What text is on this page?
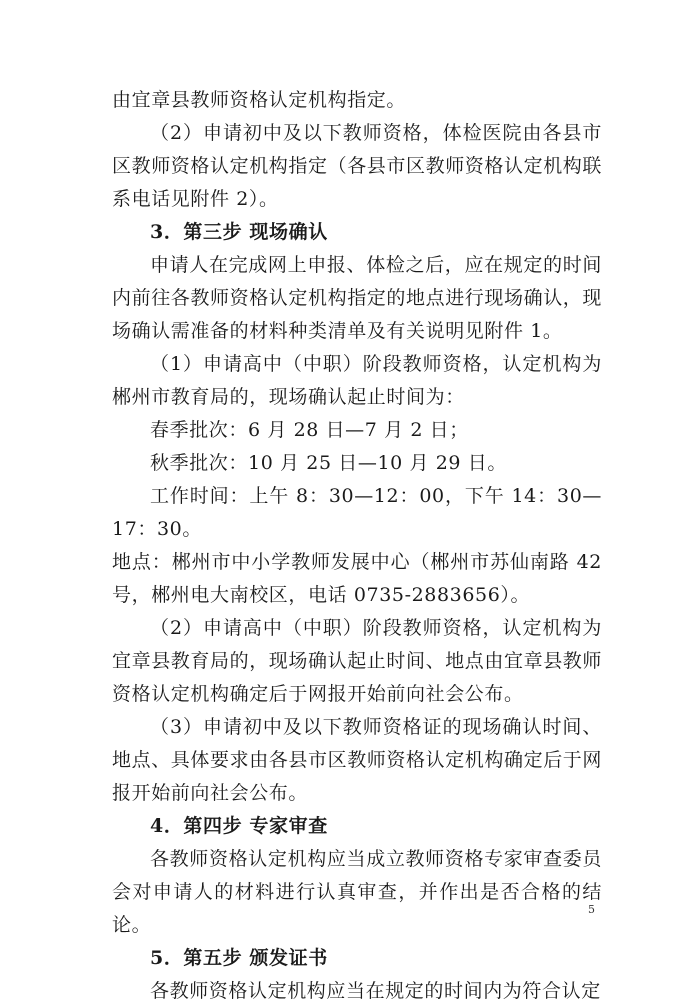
由宜章县教师资格认定机构指定。

（2）申请初中及以下教师资格，体检医院由各县市区教师资格认定机构指定（各县市区教师资格认定机构联系电话见附件 2）。

3．第三步 现场确认

申请人在完成网上申报、体检之后，应在规定的时间内前往各教师资格认定机构指定的地点进行现场确认，现场确认需准备的材料种类清单及有关说明见附件 1。

（1）申请高中（中职）阶段教师资格，认定机构为郴州市教育局的，现场确认起止时间为：

春季批次：6 月 28 日—7 月 2 日；

秋季批次：10 月 25 日—10 月 29 日。

工作时间：上午 8：30—12：00，下午 14：30—17：30。

地点：郴州市中小学教师发展中心（郴州市苏仙南路 42 号，郴州电大南校区，电话 0735-2883656）。

（2）申请高中（中职）阶段教师资格，认定机构为宜章县教育局的，现场确认起止时间、地点由宜章县教师资格认定机构确定后于网报开始前向社会公布。

（3）申请初中及以下教师资格证的现场确认时间、地点、具体要求由各县市区教师资格认定机构确定后于网报开始前向社会公布。

4．第四步 专家审查

各教师资格认定机构应当成立教师资格专家审查委员会对申请人的材料进行认真审查，并作出是否合格的结论。

5．第五步 颁发证书

各教师资格认定机构应当在规定的时间内为符合认定

5
